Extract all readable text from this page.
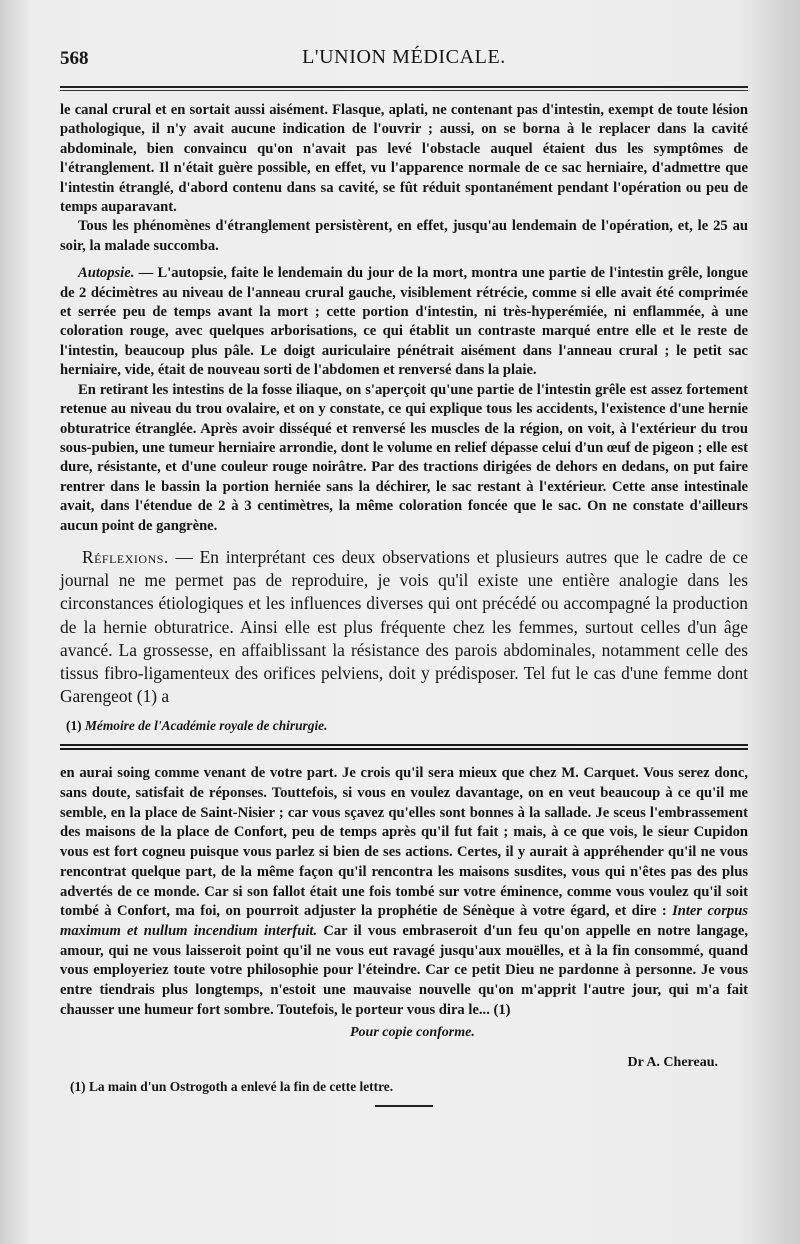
568	L'UNION MÉDICALE.

le canal crural et en sortait aussi aisément. Flasque, aplati, ne contenant pas d'intestin, exempt de toute lésion pathologique, il n'y avait aucune indication de l'ouvrir ; aussi, on se borna à le replacer dans la cavité abdominale, bien convaincu qu'on n'avait pas levé l'obstacle auquel étaient dus les symptômes de l'étranglement. Il n'était guère possible, en effet, vu l'apparence normale de ce sac herniaire, d'admettre que l'intestin étranglé, d'abord contenu dans sa cavité, se fût réduit spontanément pendant l'opération ou peu de temps auparavant.

Tous les phénomènes d'étranglement persistèrent, en effet, jusqu'au lendemain de l'opération, et, le 25 au soir, la malade succomba.

Autopsie. — L'autopsie, faite le lendemain du jour de la mort, montra une partie de l'intestin grêle, longue de 2 décimètres au niveau de l'anneau crural gauche, visiblement rétrécie, comme si elle avait été comprimée et serrée peu de temps avant la mort ; cette portion d'intestin, ni très-hyperémiée, ni enflammée, à une coloration rouge, avec quelques arborisations, ce qui établit un contraste marqué entre elle et le reste de l'intestin, beaucoup plus pâle. Le doigt auriculaire pénétrait aisément dans l'anneau crural ; le petit sac herniaire, vide, était de nouveau sorti de l'abdomen et renversé dans la plaie.

En retirant les intestins de la fosse iliaque, on s'aperçoit qu'une partie de l'intestin grêle est assez fortement retenue au niveau du trou ovalaire, et on y constate, ce qui explique tous les accidents, l'existence d'une hernie obturatrice étranglée. Après avoir disséqué et renversé les muscles de la région, on voit, à l'extérieur du trou sous-pubien, une tumeur herniaire arrondie, dont le volume en relief dépasse celui d'un œuf de pigeon ; elle est dure, résistante, et d'une couleur rouge noirâtre. Par des tractions dirigées de dehors en dedans, on put faire rentrer dans le bassin la portion herniée sans la déchirer, le sac restant à l'extérieur. Cette anse intestinale avait, dans l'étendue de 2 à 3 centimètres, la même coloration foncée que le sac. On ne constate d'ailleurs aucun point de gangrène.

Réflexions. — En interprétant ces deux observations et plusieurs autres que le cadre de ce journal ne me permet pas de reproduire, je vois qu'il existe une entière analogie dans les circonstances étiologiques et les influences diverses qui ont précédé ou accompagné la production de la hernie obturatrice. Ainsi elle est plus fréquente chez les femmes, surtout celles d'un âge avancé. La grossesse, en affaiblissant la résistance des parois abdominales, notamment celle des tissus fibro-ligamenteux des orifices pelviens, doit y prédisposer. Tel fut le cas d'une femme dont Garengeot (1) a

(1) Mémoire de l'Académie royale de chirurgie.

en aurai soing comme venant de votre part. Je crois qu'il sera mieux que chez M. Carquet. Vous serez donc, sans doute, satisfait de réponses. Touttefois, si vous en voulez davantage, on en veut beaucoup à ce qu'il me semble, en la place de Saint-Nisier ; car vous sçavez qu'elles sont bonnes à la sallade. Je sceus l'embrassement des maisons de la place de Confort, peu de temps après qu'il fut fait ; mais, à ce que vois, le sieur Cupidon vous est fort cogneu puisque vous parlez si bien de ses actions. Certes, il y aurait à appréhender qu'il ne vous rencontrat quelque part, de la même façon qu'il rencontra les maisons susdites, vous qui n'êtes pas des plus advertés de ce monde. Car si son fallot était une fois tombé sur votre éminence, comme vous voulez qu'il soit tombé à Confort, ma foi, on pourroit adjuster la prophétie de Sénèque à votre égard, et dire : Inter corpus maximum et nullum incendium interfuit. Car il vous embraseroit d'un feu qu'on appelle en notre langage, amour, qui ne vous laisseroit point qu'il ne vous eut ravagé jusqu'aux mouëlles, et à la fin consommé, quand vous employeriez toute votre philosophie pour l'éteindre. Car ce petit Dieu ne pardonne à personne. Je vous entre tiendrais plus longtemps, n'estoit une mauvaise nouvelle qu'on m'apprit l'autre jour, qui m'a fait chausser une humeur fort sombre. Toutefois, le porteur vous dira le... (1)

Pour copie conforme.
Dr A. Chereau.

(1) La main d'un Ostrogoth a enlevé la fin de cette lettre.
